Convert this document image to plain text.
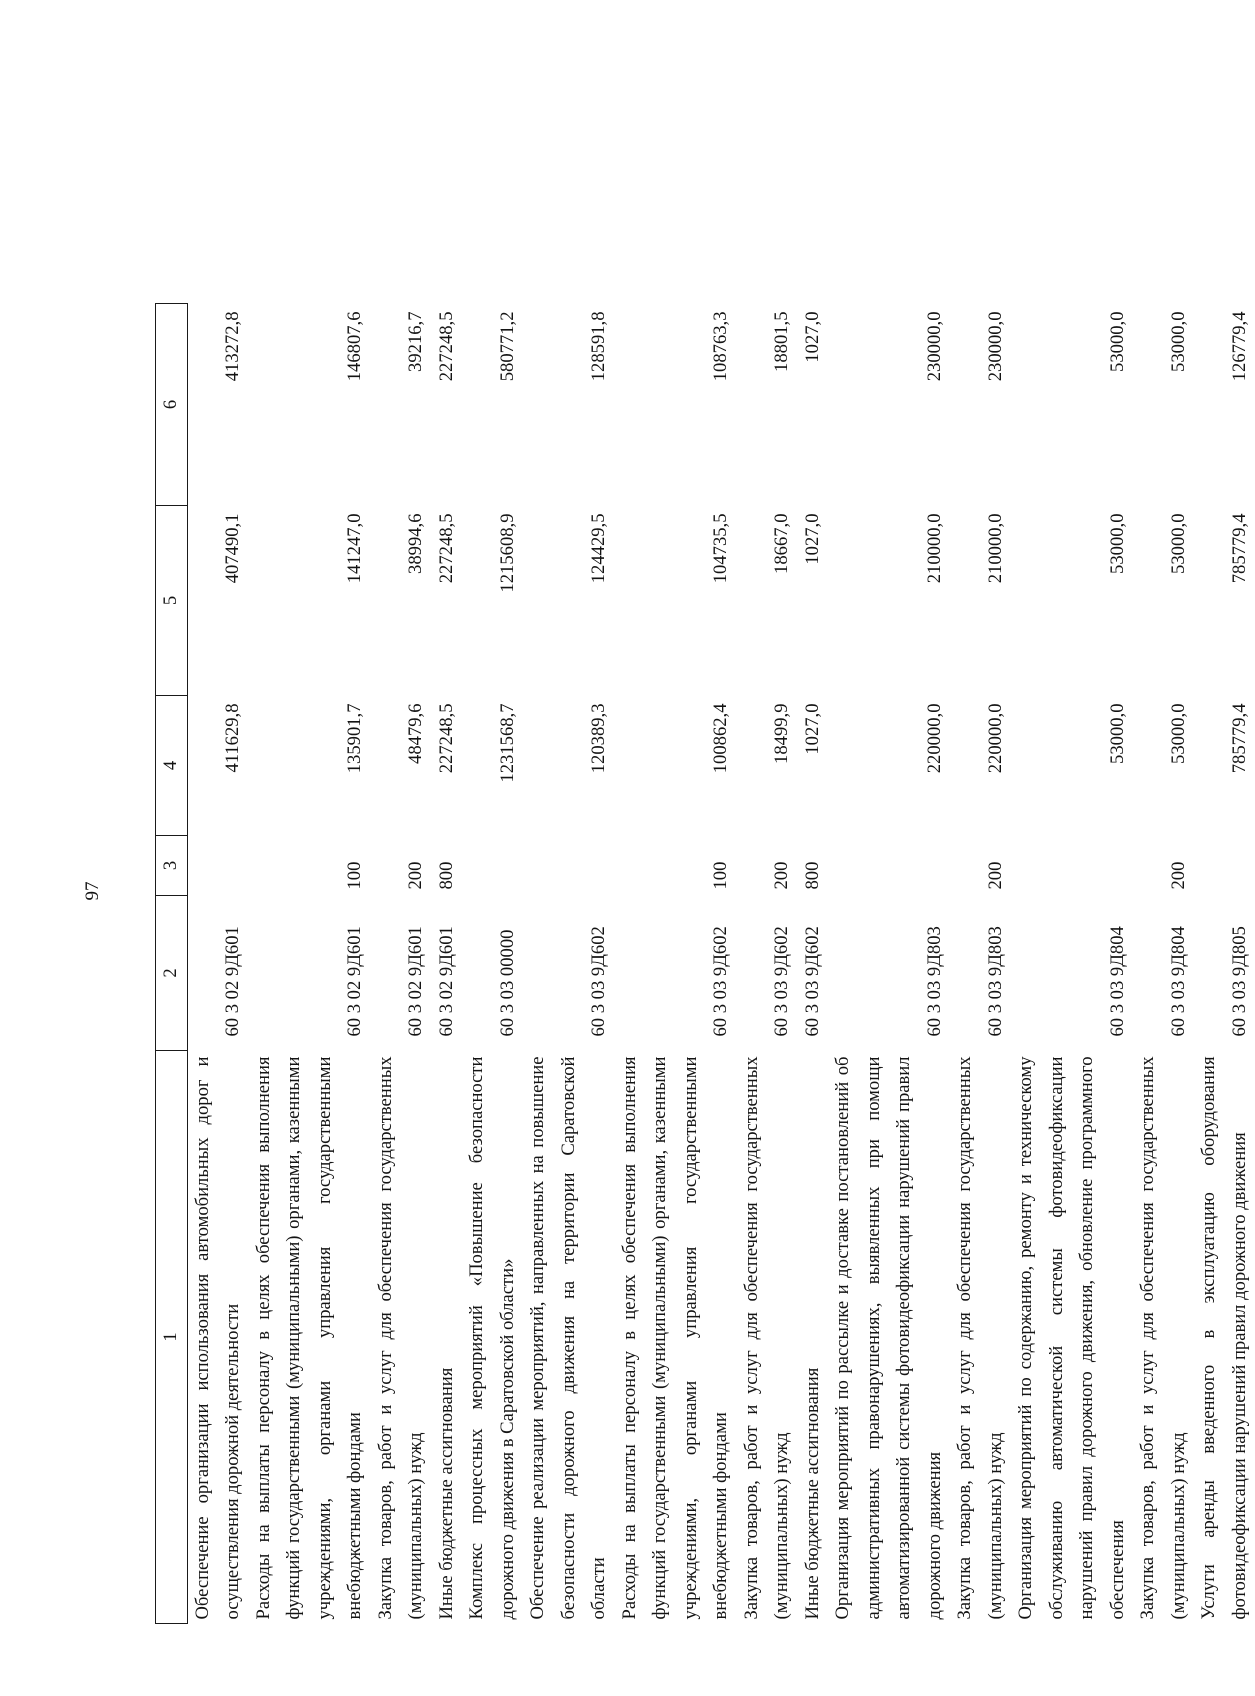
97
1	2	3	4	5	6
Обеспечение организации использования автомобильных дорог и осуществления дорожной деятельности	60 3 02 9Д601		411629,8	407490,1	413272,8

Расходы на выплаты персоналу в целях обеспечения выполнения функций государственными (муниципальными) органами, казенными учреждениями, органами управления государственными внебюджетными фондами	60 3 02 9Д601	100	135901,7	141247,0	146807,6

Закупка товаров, работ и услуг для обеспечения государственных (муниципальных) нужд	60 3 02 9Д601	200	48479,6	38994,6	39216,7

Иные бюджетные ассигнования	60 3 02 9Д601	800	227248,5	227248,5	227248,5

Комплекс процессных мероприятий «Повышение безопасности дорожного движения в Саратовской области»	60 3 03 00000		1231568,7	1215608,9	580771,2

Обеспечение реализации мероприятий, направленных на повышение безопасности дорожного движения на территории Саратовской области	60 3 03 9Д602		120389,3	124429,5	128591,8

Расходы на выплаты персоналу в целях обеспечения выполнения функций государственными (муниципальными) органами, казенными учреждениями, органами управления государственными внебюджетными фондами	60 3 03 9Д602	100	100862,4	104735,5	108763,3

Закупка товаров, работ и услуг для обеспечения государственных (муниципальных) нужд	60 3 03 9Д602	200	18499,9	18667,0	18801,5

Иные бюджетные ассигнования	60 3 03 9Д602	800	1027,0	1027,0	1027,0

Организация мероприятий по рассылке и доставке постановлений об административных правонарушениях, выявленных при помощи автоматизированной системы фотовидеофиксации нарушений правил дорожного движения	60 3 03 9Д803		220000,0	210000,0	230000,0

Закупка товаров, работ и услуг для обеспечения государственных (муниципальных) нужд	60 3 03 9Д803	200	220000,0	210000,0	230000,0

Организация мероприятий по содержанию, ремонту и техническому обслуживанию автоматической системы фотовидеофиксации нарушений правил дорожного движения, обновление программного обеспечения	60 3 03 9Д804		53000,0	53000,0	53000,0

Закупка товаров, работ и услуг для обеспечения государственных (муниципальных) нужд	60 3 03 9Д804	200	53000,0	53000,0	53000,0

Услуги аренды введенного в эксплуатацию оборудования фотовидеофиксации нарушений правил дорожного движения	60 3 03 9Д805		785779,4	785779,4	126779,4
